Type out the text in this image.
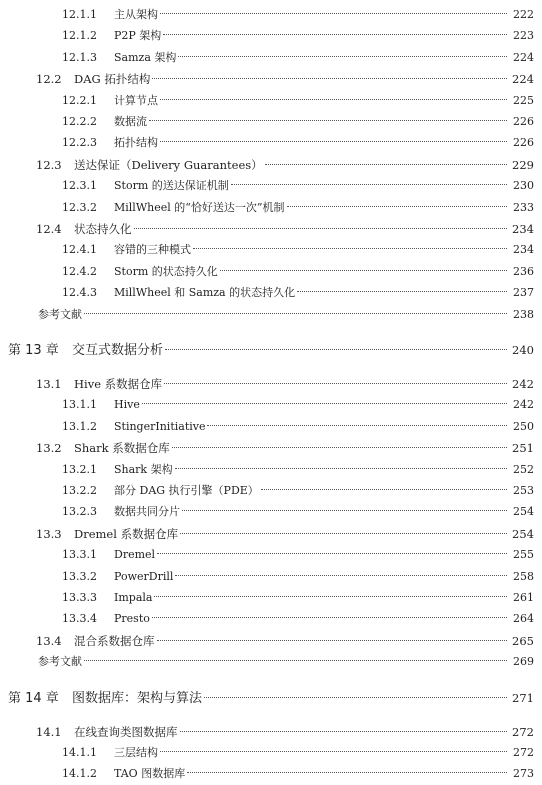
12.1.1	主从架构	222
12.1.2	P2P 架构	223
12.1.3	Samza 架构	224
12.2	DAG 拓扑结构	224
12.2.1	计算节点	225
12.2.2	数据流	226
12.2.3	拓扑结构	226
12.3	送达保证（Delivery Guarantees）	229
12.3.1	Storm 的送达保证机制	230
12.3.2	MillWheel 的“恰好送达一次”机制	233
12.4	状态持久化	234
12.4.1	容错的三种模式	234
12.4.2	Storm 的状态持久化	236
12.4.3	MillWheel 和 Samza 的状态持久化	237
参考文献	238
第 13 章	交互式数据分析	240
13.1	Hive 系数据仓库	242
13.1.1	Hive	242
13.1.2	StingerInitiative	250
13.2	Shark 系数据仓库	251
13.2.1	Shark 架构	252
13.2.2	部分 DAG 执行引擎（PDE）	253
13.2.3	数据共同分片	254
13.3	Dremel 系数据仓库	254
13.3.1	Dremel	255
13.3.2	PowerDrill	258
13.3.3	Impala	261
13.3.4	Presto	264
13.4	混合系数据仓库	265
参考文献	269
第 14 章	图数据库：架构与算法	271
14.1	在线查询类图数据库	272
14.1.1	三层结构	272
14.1.2	TAO 图数据库	273
